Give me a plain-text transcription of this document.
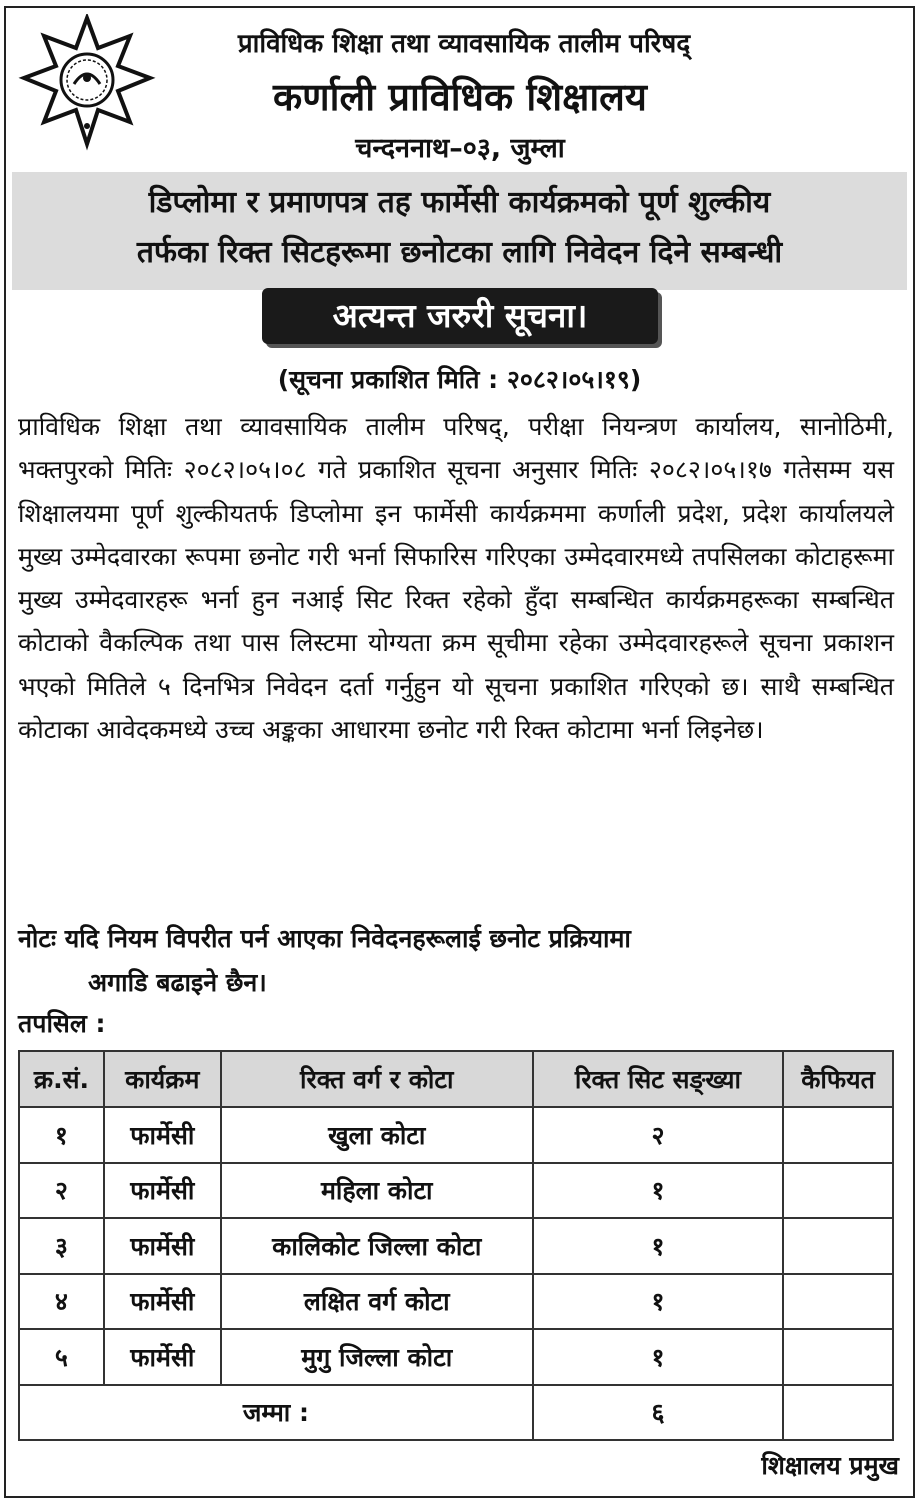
प्राविधिक शिक्षा तथा व्यावसायिक तालीम परिषद्
कर्णाली प्राविधिक शिक्षालय
चन्दननाथ–०३, जुम्ला
डिप्लोमा र प्रमाणपत्र तह फार्मेसी कार्यक्रमको पूर्ण शुल्कीय
तर्फका रिक्त सिटहरूमा छनोटका लागि निवेदन दिने सम्बन्धी
अत्यन्त जरुरी सूचना।
(सूचना प्रकाशित मिति : २०८२।०५।१९)
प्राविधिक शिक्षा तथा व्यावसायिक तालीम परिषद्, परीक्षा नियन्त्रण कार्यालय, सानोठिमी, भक्तपुरको मितिः २०८२।०५।०८ गते प्रकाशित सूचना अनुसार मितिः २०८२।०५।१७ गतेसम्म यस शिक्षालयमा पूर्ण शुल्कीयतर्फ डिप्लोमा इन फार्मेसी कार्यक्रममा कर्णाली प्रदेश, प्रदेश कार्यालयले मुख्य उम्मेदवारका रूपमा छनोट गरी भर्ना सिफारिस गरिएका उम्मेदवारमध्ये तपसिलका कोटाहरूमा मुख्य उम्मेदवारहरू भर्ना हुन नआई सिट रिक्त रहेको हुँदा सम्बन्धित कार्यक्रमहरूका सम्बन्धित कोटाको वैकल्पिक तथा पास लिस्टमा योग्यता क्रम सूचीमा रहेका उम्मेदवारहरूले सूचना प्रकाशन भएको मितिले ५ दिनभित्र निवेदन दर्ता गर्नुहुन यो सूचना प्रकाशित गरिएको छ। साथै सम्बन्धित कोटाका आवेदकमध्ये उच्च अङ्कका आधारमा छनोट गरी रिक्त कोटामा भर्ना लिइनेछ।
नोटः यदि नियम विपरीत पर्न आएका निवेदनहरूलाई छनोट प्रक्रियामा
अगाडि बढाइने छैन।
तपसिल :
क्र.सं.	कार्यक्रम	रिक्त वर्ग र कोटा	रिक्त सिट सङ्ख्या	कैफियत
१	फार्मेसी	खुला कोटा	२	
२	फार्मेसी	महिला कोटा	१	
३	फार्मेसी	कालिकोट जिल्ला कोटा	१	
४	फार्मेसी	लक्षित वर्ग कोटा	१	
५	फार्मेसी	मुगु जिल्ला कोटा	१	
जम्मा :			६	
शिक्षालय प्रमुख
